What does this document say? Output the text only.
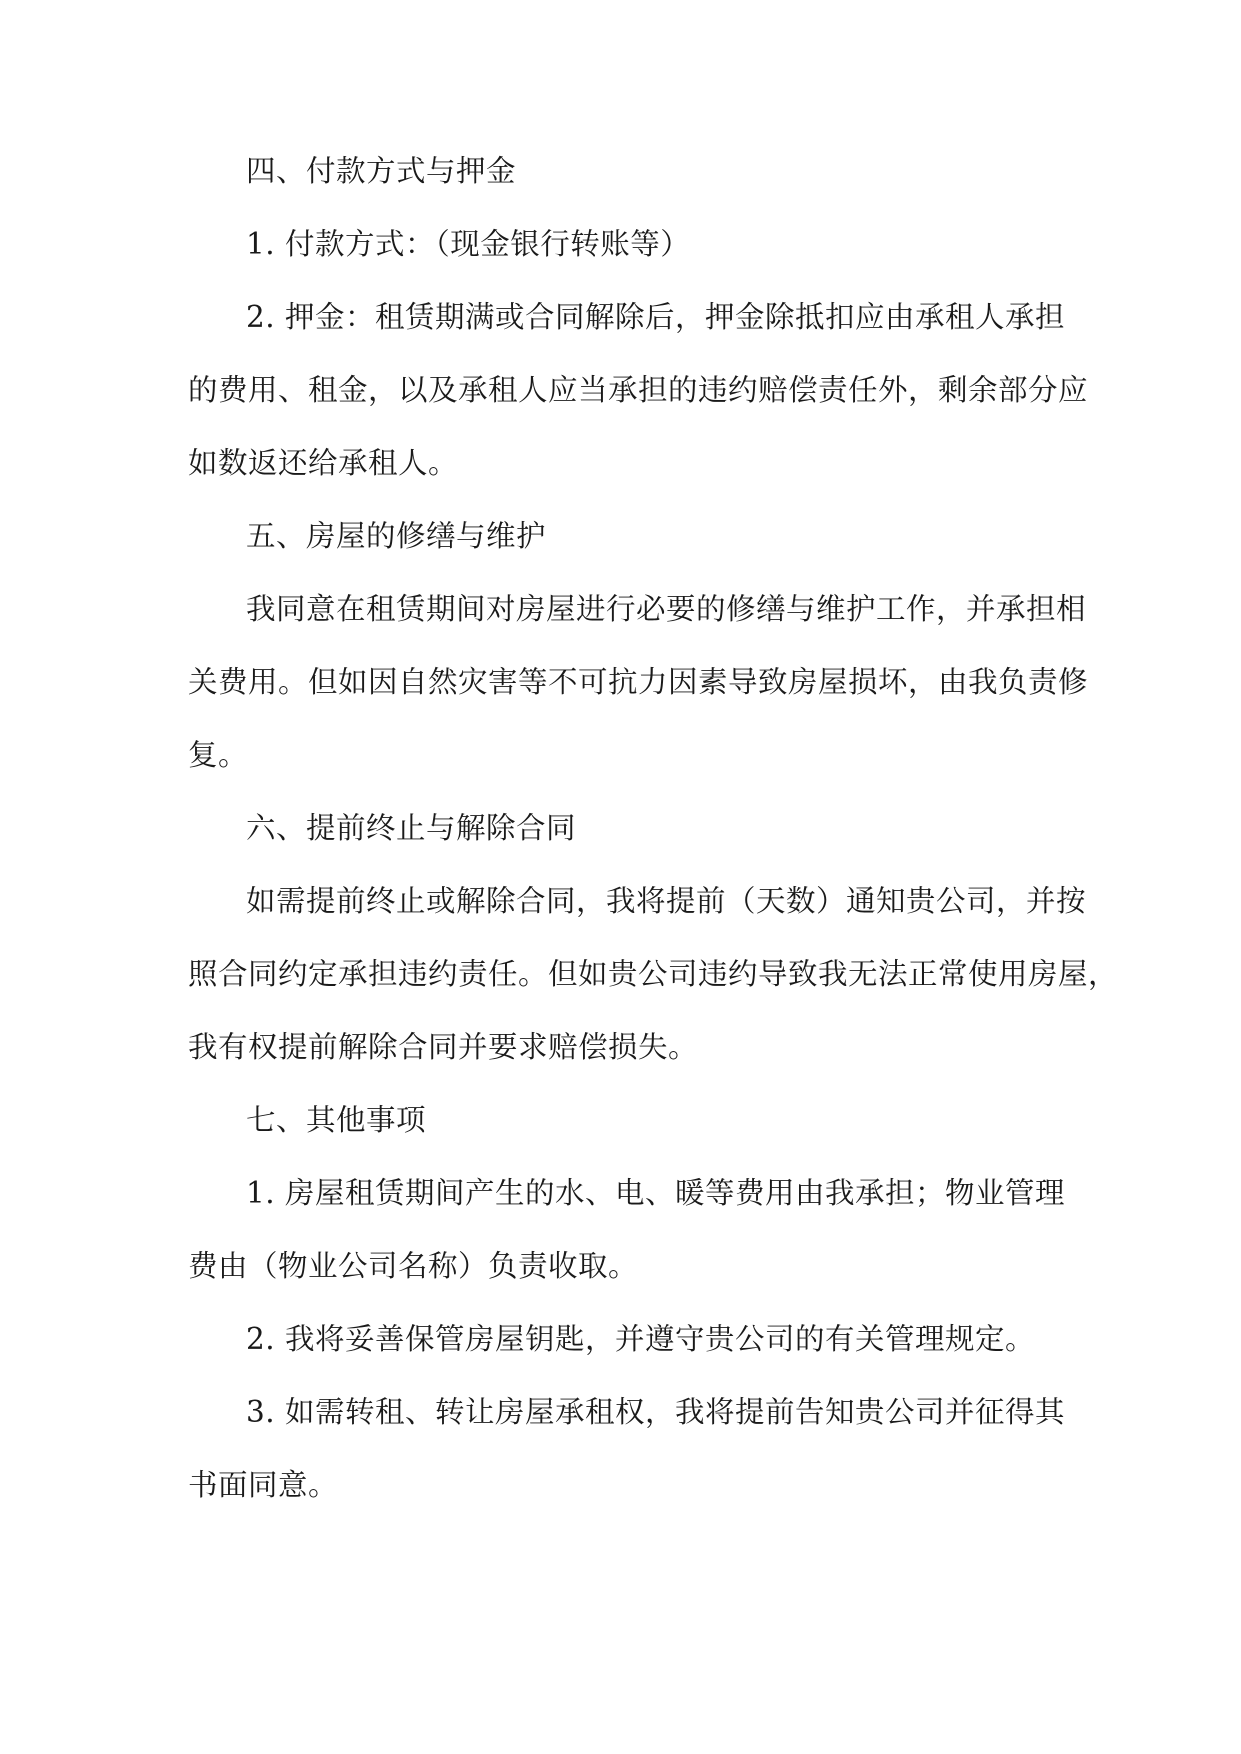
四、付款方式与押金
1. 付款方式：（现金银行转账等）
2. 押金：租赁期满或合同解除后，押金除抵扣应由承租人承担
的费用、租金，以及承租人应当承担的违约赔偿责任外，剩余部分应
如数返还给承租人。
五、房屋的修缮与维护
我同意在租赁期间对房屋进行必要的修缮与维护工作，并承担相
关费用。但如因自然灾害等不可抗力因素导致房屋损坏，由我负责修
复。
六、提前终止与解除合同
如需提前终止或解除合同，我将提前（天数）通知贵公司，并按
照合同约定承担违约责任。但如贵公司违约导致我无法正常使用房屋，
我有权提前解除合同并要求赔偿损失。
七、其他事项
1. 房屋租赁期间产生的水、电、暖等费用由我承担；物业管理
费由（物业公司名称）负责收取。
2. 我将妥善保管房屋钥匙，并遵守贵公司的有关管理规定。
3. 如需转租、转让房屋承租权，我将提前告知贵公司并征得其
书面同意。
